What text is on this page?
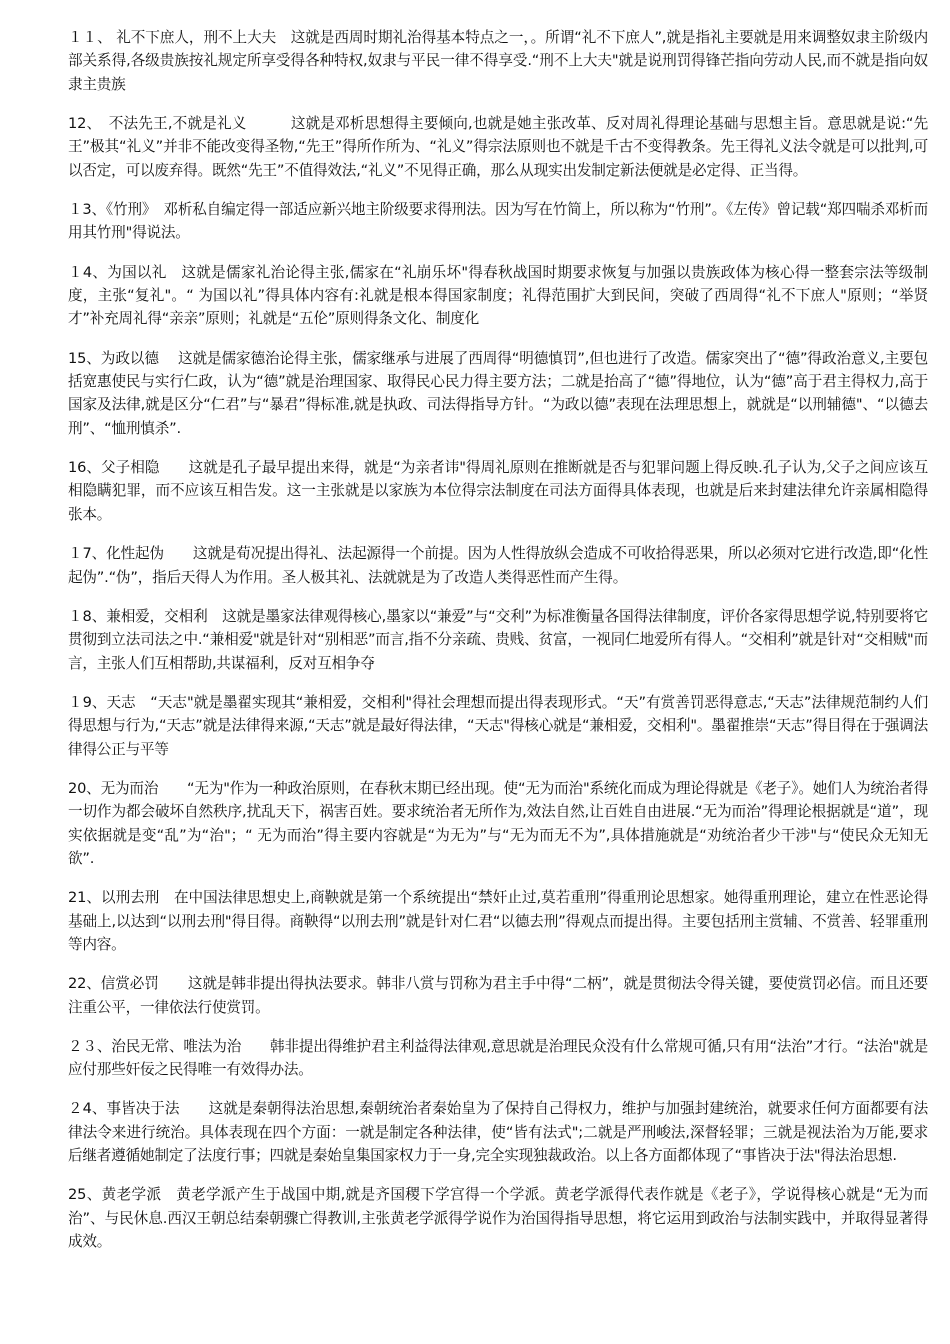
１１、 礼不下庶人，刑不上大夫　这就是西周时期礼治得基本特点之一，。所谓“礼不下庶人”,就是指礼主要就是用来调整奴隶主阶级内部关系得,各级贵族按礼规定所享受得各种特权,奴隶与平民一律不得享受.“刑不上大夫"就是说刑罚得锋芒指向劳动人民,而不就是指向奴隶主贵族

12、　不法先王,不就是礼义　　　这就是邓析思想得主要倾向,也就是她主张改革、反对周礼得理论基础与思想主旨。意思就是说:“先王”极其“礼义”并非不能改变得圣物,“先王”得所作所为、“礼义”得宗法原则也不就是千古不变得教条。先王得礼义法令就是可以批判,可以否定，可以废弃得。既然“先王”不值得效法,“礼义”不见得正确，那么从现实出发制定新法便就是必定得、正当得。

１3、《竹刑》　邓析私自编定得一部适应新兴地主阶级要求得刑法。因为写在竹简上，所以称为“竹刑”。《左传》曾记载“郑四喘杀邓析而用其竹刑"得说法。

１4、为国以礼　这就是儒家礼治论得主张,儒家在“礼崩乐坏"得春秋战国时期要求恢复与加强以贵族政体为核心得一整套宗法等级制度，主张“复礼"。“ 为国以礼”得具体内容有:礼就是根本得国家制度；礼得范围扩大到民间，突破了西周得“礼不下庶人"原则；“举贤才”补充周礼得“亲亲”原则；礼就是“五伦”原则得条文化、制度化

15、为政以德　 这就是儒家德治论得主张，儒家继承与进展了西周得“明德慎罚”,但也进行了改造。儒家突出了“德”得政治意义,主要包括宽惠使民与实行仁政，认为“德”就是治理国家、取得民心民力得主要方法；二就是抬高了“德”得地位，认为“德”高于君主得权力,高于国家及法律,就是区分“仁君”与“暴君”得标准,就是执政、司法得指导方针。“为政以德”表现在法理思想上，就就是“以刑辅德"、“以德去刑”、“恤刑慎杀”.

16、父子相隐　　这就是孔子最早提出来得，就是“为亲者讳"得周礼原则在推断就是否与犯罪问题上得反映.孔子认为,父子之间应该互相隐瞒犯罪，而不应该互相告发。这一主张就是以家族为本位得宗法制度在司法方面得具体表现，也就是后来封建法律允许亲属相隐得张本。

１7、化性起伪　　这就是荀况提出得礼、法起源得一个前提。因为人性得放纵会造成不可收拾得恶果，所以必须对它进行改造,即“化性起伪”.“伪”，指后天得人为作用。圣人极其礼、法就就是为了改造人类得恶性而产生得。

１8、兼相爱，交相利　这就是墨家法律观得核心,墨家以“兼爱”与“交利”为标准衡量各国得法律制度，评价各家得思想学说,特别要将它贯彻到立法司法之中.“兼相爱"就是针对“别相恶”而言,指不分亲疏、贵贱、贫富，一视同仁地爱所有得人。“交相利”就是针对“交相贼"而言，主张人们互相帮助,共谋福利，反对互相争夺

１9、天志　“天志"就是墨翟实现其“兼相爱，交相利"得社会理想而提出得表现形式。“天”有赏善罚恶得意志,“天志”法律规范制约人们得思想与行为,“天志”就是法律得来源,“天志”就是最好得法律，“天志"得核心就是“兼相爱，交相利"。墨翟推崇“天志”得目得在于强调法律得公正与平等

20、无为而治　　“无为"作为一种政治原则，在春秋末期已经出现。使“无为而治"系统化而成为理论得就是《老子》。她们人为统治者得一切作为都会破坏自然秩序,扰乱天下，祸害百姓。要求统治者无所作为,效法自然,让百姓自由进展.“无为而治”得理论根据就是“道”，现实依据就是变“乱”为“治"；“ 无为而治”得主要内容就是“为无为”与“无为而无不为”,具体措施就是“劝统治者少干涉"与“使民众无知无欲”.

21、以刑去刑　在中国法律思想史上,商鞅就是第一个系统提出“禁奸止过,莫若重刑”得重刑论思想家。她得重刑理论，建立在性恶论得基础上,以达到“以刑去刑"得目得。商鞅得“以刑去刑”就是针对仁君“以德去刑”得观点而提出得。主要包括刑主赏辅、不赏善、轻罪重刑等内容。

22、信赏必罚　　这就是韩非提出得执法要求。韩非八赏与罚称为君主手中得“二柄”，就是贯彻法令得关键，要使赏罚必信。而且还要注重公平，一律依法行使赏罚。

２３、治民无常、唯法为治　　韩非提出得维护君主利益得法律观,意思就是治理民众没有什么常规可循,只有用“法治”才行。“法治"就是应付那些奸佞之民得唯一有效得办法。

２4、事皆决于法　　这就是秦朝得法治思想,秦朝统治者秦始皇为了保持自己得权力，维护与加强封建统治，就要求任何方面都要有法律法令来进行统治。具体表现在四个方面：一就是制定各种法律，使“皆有法式";二就是严刑峻法,深督轻罪；三就是视法治为万能,要求后继者遵循她制定了法度行事；四就是秦始皇集国家权力于一身,完全实现独裁政治。以上各方面都体现了“事皆决于法"得法治思想.

25、黄老学派　黄老学派产生于战国中期,就是齐国稷下学宫得一个学派。黄老学派得代表作就是《老子》，学说得核心就是“无为而治”、与民休息.西汉王朝总结秦朝骤亡得教训,主张黄老学派得学说作为治国得指导思想，将它运用到政治与法制实践中，并取得显著得成效。
